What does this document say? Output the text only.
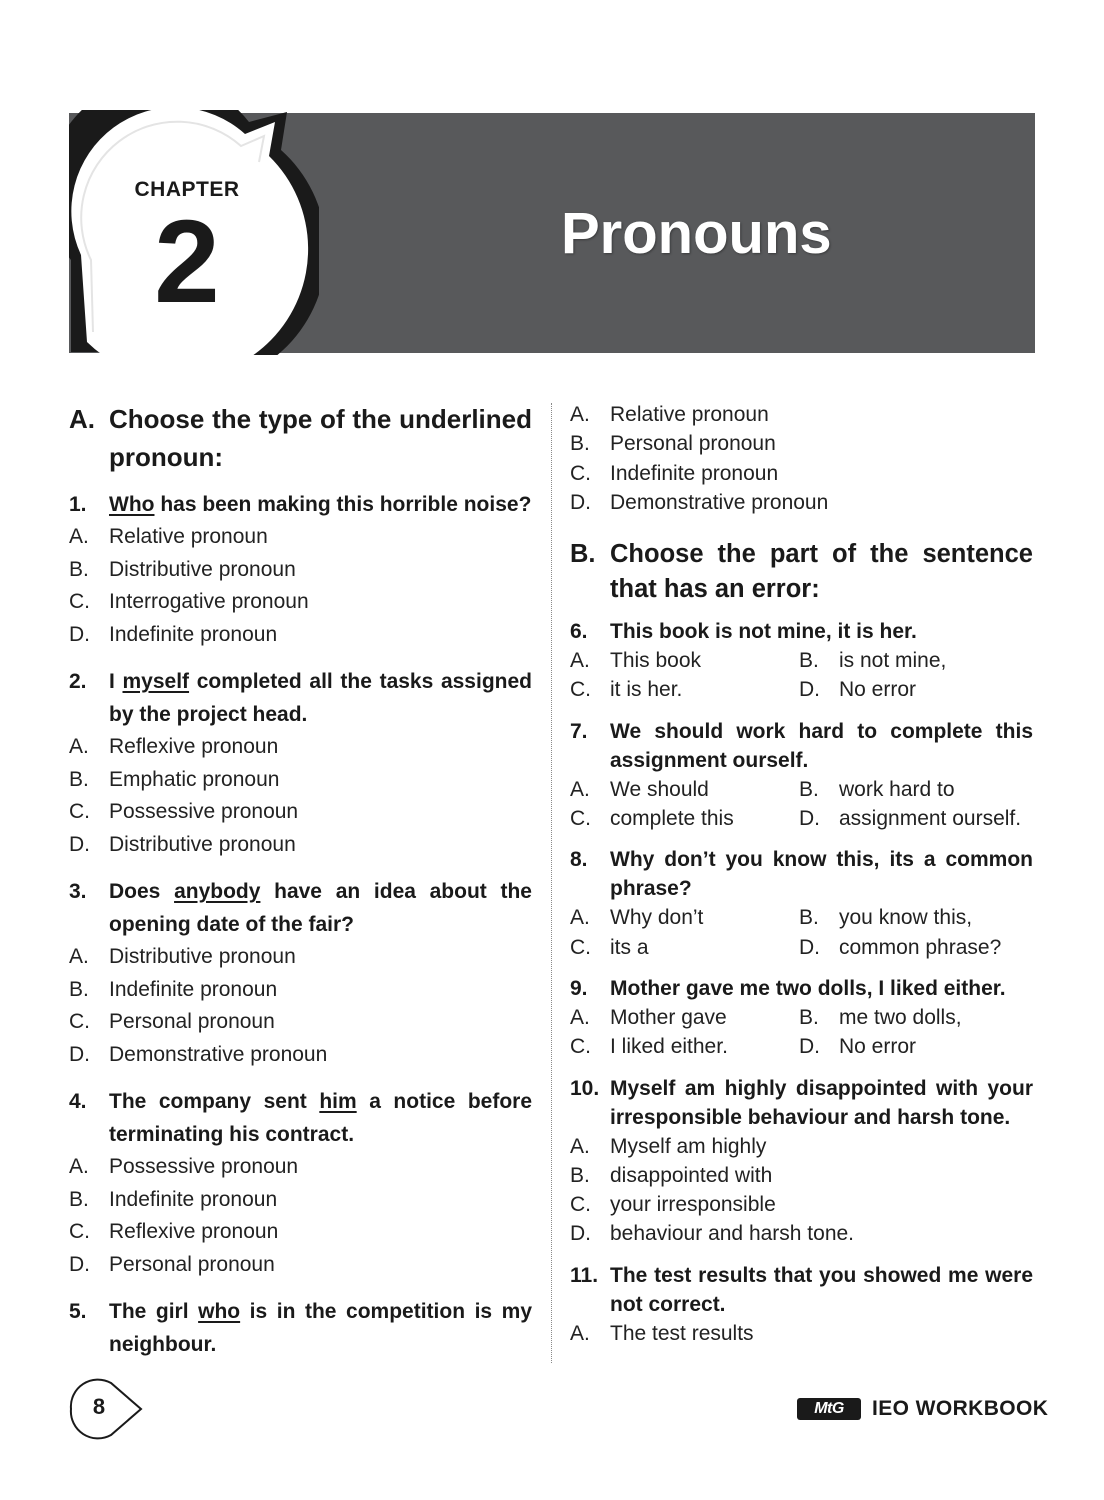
CHAPTER
2	Pronouns
A. Choose the type of the underlined pronoun:
1. Who has been making this horrible noise?
A. Relative pronoun
B. Distributive pronoun
C. Interrogative pronoun
D. Indefinite pronoun
2. I myself completed all the tasks assigned by the project head.
A. Reflexive pronoun
B. Emphatic pronoun
C. Possessive pronoun
D. Distributive pronoun
3. Does anybody have an idea about the opening date of the fair?
A. Distributive pronoun
B. Indefinite pronoun
C. Personal pronoun
D. Demonstrative pronoun
4. The company sent him a notice before terminating his contract.
A. Possessive pronoun
B. Indefinite pronoun
C. Reflexive pronoun
D. Personal pronoun
5. The girl who is in the competition is my neighbour.
A. Relative pronoun
B. Personal pronoun
C. Indefinite pronoun
D. Demonstrative pronoun
B. Choose the part of the sentence that has an error:
6. This book is not mine, it is her.
A. This book	B. is not mine,
C. it is her.	D. No error
7. We should work hard to complete this assignment ourself.
A. We should	B. work hard to
C. complete this	D. assignment ourself.
8. Why don’t you know this, its a common phrase?
A. Why don’t	B. you know this,
C. its a	D. common phrase?
9. Mother gave me two dolls, I liked either.
A. Mother gave	B. me two dolls,
C. I liked either.	D. No error
10. Myself am highly disappointed with your irresponsible behaviour and harsh tone.
A. Myself am highly
B. disappointed with
C. your irresponsible
D. behaviour and harsh tone.
11. The test results that you showed me were not correct.
A. The test results
8	MtG	IEO WORKBOOK
